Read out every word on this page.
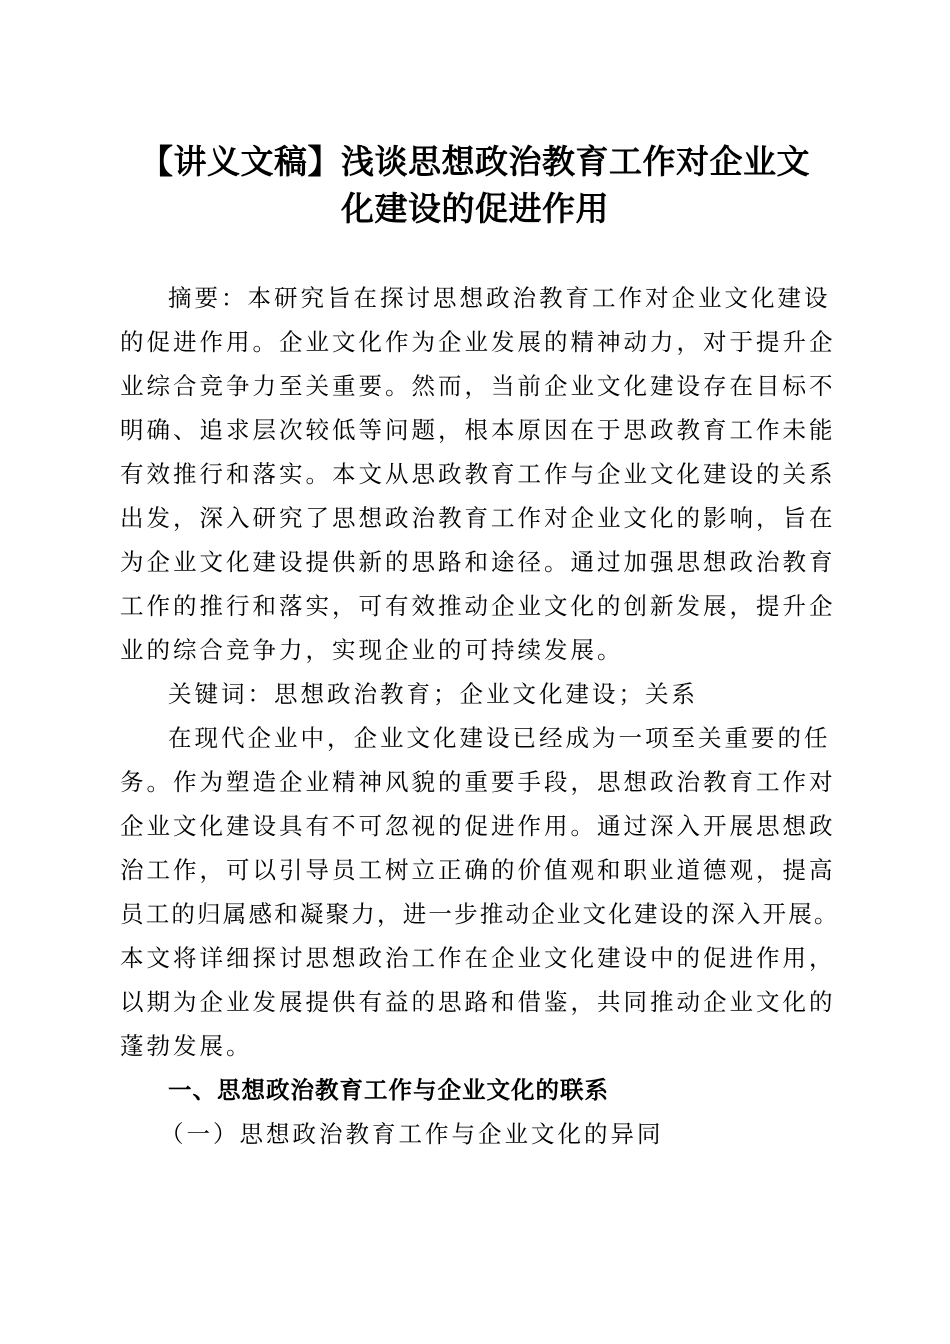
【讲义文稿】浅谈思想政治教育工作对企业文
化建设的促进作用
摘要：本研究旨在探讨思想政治教育工作对企业文化建设
的促进作用。企业文化作为企业发展的精神动力，对于提升企
业综合竞争力至关重要。然而，当前企业文化建设存在目标不
明确、追求层次较低等问题，根本原因在于思政教育工作未能
有效推行和落实。本文从思政教育工作与企业文化建设的关系
出发，深入研究了思想政治教育工作对企业文化的影响，旨在
为企业文化建设提供新的思路和途径。通过加强思想政治教育
工作的推行和落实，可有效推动企业文化的创新发展，提升企
业的综合竞争力，实现企业的可持续发展。
关键词：思想政治教育；企业文化建设；关系
在现代企业中，企业文化建设已经成为一项至关重要的任
务。作为塑造企业精神风貌的重要手段，思想政治教育工作对
企业文化建设具有不可忽视的促进作用。通过深入开展思想政
治工作，可以引导员工树立正确的价值观和职业道德观，提高
员工的归属感和凝聚力，进一步推动企业文化建设的深入开展。
本文将详细探讨思想政治工作在企业文化建设中的促进作用，
以期为企业发展提供有益的思路和借鉴，共同推动企业文化的
蓬勃发展。
一、思想政治教育工作与企业文化的联系
（一）思想政治教育工作与企业文化的异同
